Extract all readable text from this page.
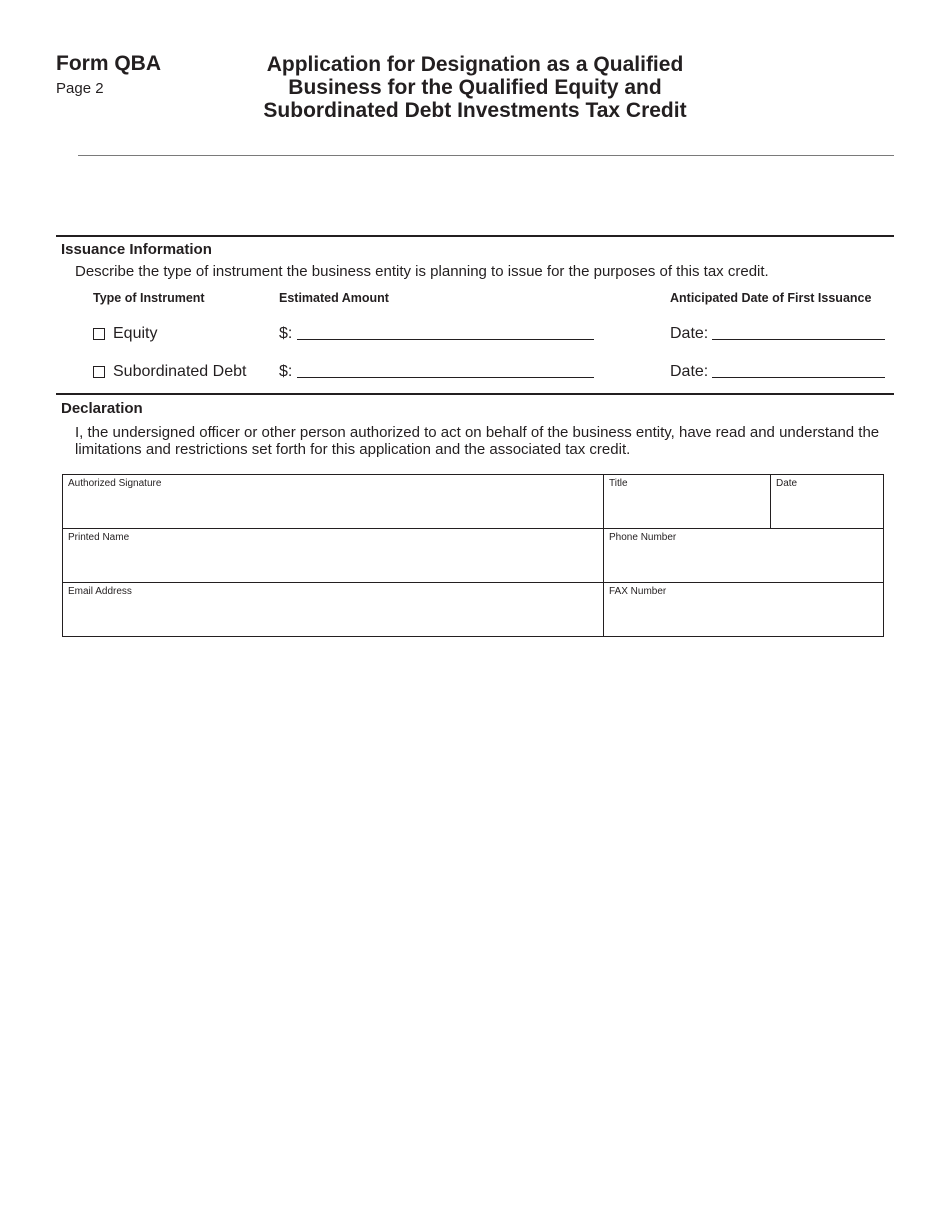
Form QBA
Page 2
Application for Designation as a Qualified
Business for the Qualified Equity and
Subordinated Debt Investments Tax Credit
Issuance Information
Describe the type of instrument the business entity is planning to issue for the purposes of this tax credit.
Type of Instrument	Estimated Amount	Anticipated Date of First Issuance
Equity	$:	Date:
Subordinated Debt $:	Date:
Declaration
I, the undersigned officer or other person authorized to act on behalf of the business entity, have read and understand the limitations and restrictions set forth for this application and the associated tax credit.
Authorized Signature	Title	Date

Printed Name	Phone Number	

Email Address	FAX Number	
